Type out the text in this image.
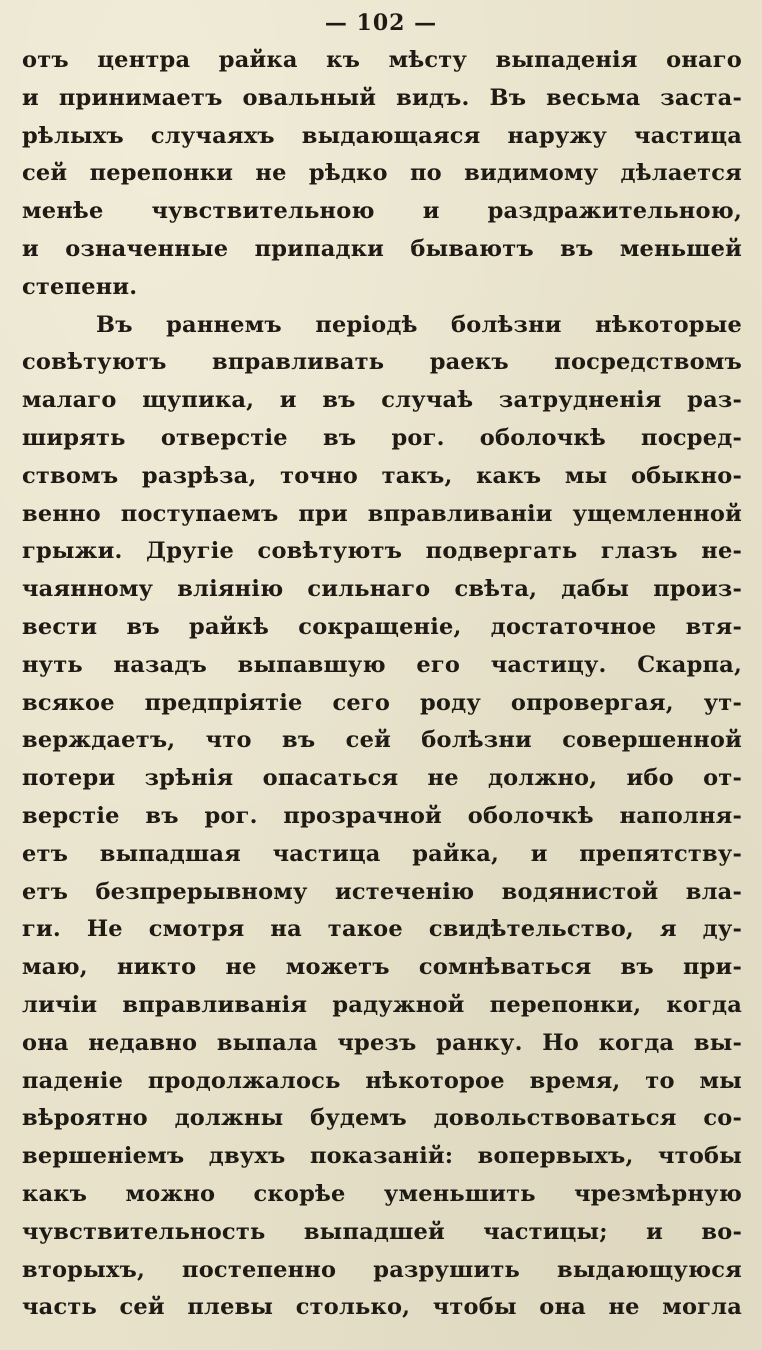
— 102 —
отъ центра райка къ мѣсту выпаденія онаго
и принимаетъ овальный видъ. Въ весьма заста-
рѣлыхъ случаяхъ выдающаяся наружу частица
сей перепонки не рѣдко по видимому дѣлается
менѣе чувствительною и раздражительною,
и означенные припадки бываютъ въ меньшей
степени.
Въ раннемъ періодѣ болѣзни нѣкоторые
совѣтуютъ вправливать раекъ посредствомъ
малаго щупика, и въ случаѣ затрудненія раз-
ширять отверстіе въ рог. оболочкѣ посред-
ствомъ разрѣза, точно такъ, какъ мы обыкно-
венно поступаемъ при вправливаніи ущемленной
грыжи. Другіе совѣтуютъ подвергать глазъ не-
чаянному вліянію сильнаго свѣта, дабы произ-
вести въ райкѣ сокращеніе, достаточное втя-
нуть назадъ выпавшую его частицу. Скарпа,
всякое предпріятіе сего роду опровергая, ут-
верждаетъ, что въ сей болѣзни совершенной
потери зрѣнія опасаться не должно, ибо от-
верстіе въ рог. прозрачной оболочкѣ наполня-
етъ выпадшая частица райка, и препятству-
етъ безпрерывному истеченію водянистой вла-
ги. Не смотря на такое свидѣтельство, я ду-
маю, никто не можетъ сомнѣваться въ при-
личіи вправливанія радужной перепонки, когда
она недавно выпала чрезъ ранку. Но когда вы-
паденіе продолжалось нѣкоторое время, то мы
вѣроятно должны будемъ довольствоваться со-
вершеніемъ двухъ показаній: вопервыхъ, чтобы
какъ можно скорѣе уменьшить чрезмѣрную
чувствительность выпадшей частицы; и во-
вторыхъ, постепенно разрушить выдающуюся
часть сей плевы столько, чтобы она не могла
